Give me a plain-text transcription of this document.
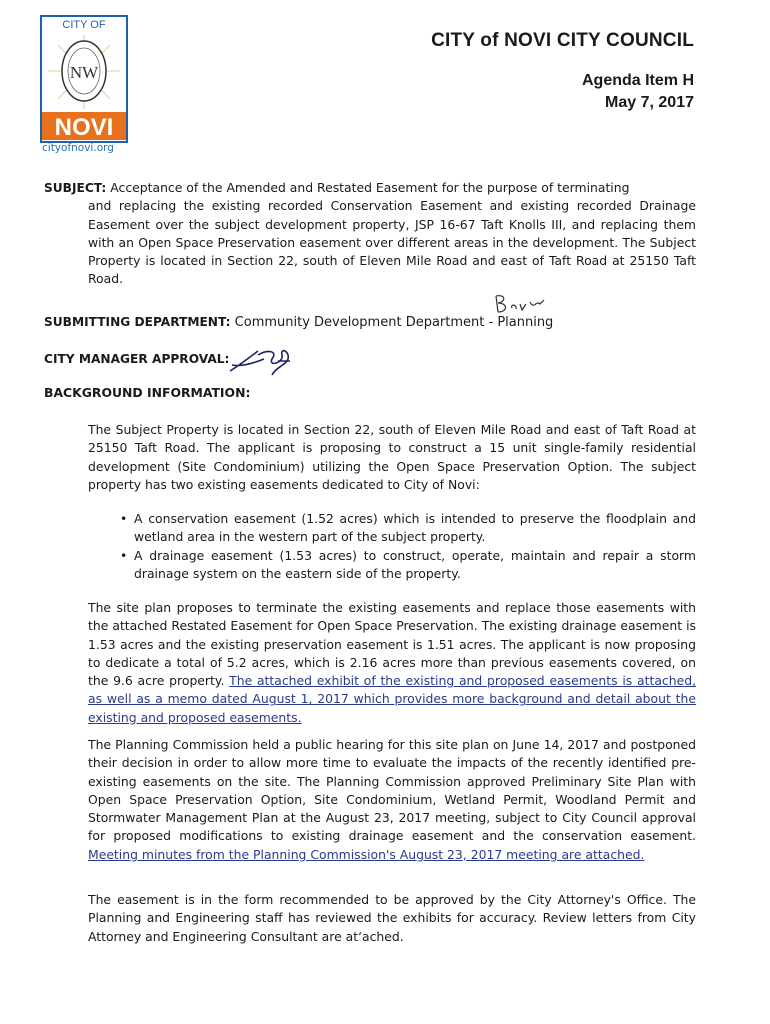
CITY OF
NW
NOVI
cityofnovi.org
CITY of NOVI CITY COUNCIL
Agenda Item H
May 7, 2017
SUBJECT: Acceptance of the Amended and Restated Easement for the purpose of terminating
and replacing the existing recorded Conservation Easement and existing recorded Drainage Easement over the subject development property, JSP 16-67 Taft Knolls III, and replacing them with an Open Space Preservation easement over different areas in the development. The Subject Property is located in Section 22, south of Eleven Mile Road and east of Taft Road at 25150 Taft Road.
Barb
SUBMITTING DEPARTMENT: Community Development Department - Planning
CITY MANAGER APPROVAL:
BACKGROUND INFORMATION:
The Subject Property is located in Section 22, south of Eleven Mile Road and east of Taft Road at 25150 Taft Road. The applicant is proposing to construct a 15 unit single-family residential development (Site Condominium) utilizing the Open Space Preservation Option. The subject property has two existing easements dedicated to City of Novi:
• A conservation easement (1.52 acres) which is intended to preserve the floodplain and wetland area in the western part of the subject property.
• A drainage easement (1.53 acres) to construct, operate, maintain and repair a storm drainage system on the eastern side of the property.
The site plan proposes to terminate the existing easements and replace those easements with the attached Restated Easement for Open Space Preservation. The existing drainage easement is 1.53 acres and the existing preservation easement is 1.51 acres. The applicant is now proposing to dedicate a total of 5.2 acres, which is 2.16 acres more than previous easements covered, on the 9.6 acre property. The attached exhibit of the existing and proposed easements is attached, as well as a memo dated August 1, 2017 which provides more background and detail about the existing and proposed easements.
The Planning Commission held a public hearing for this site plan on June 14, 2017 and postponed their decision in order to allow more time to evaluate the impacts of the recently identified pre-existing easements on the site. The Planning Commission approved Preliminary Site Plan with Open Space Preservation Option, Site Condominium, Wetland Permit, Woodland Permit and Stormwater Management Plan at the August 23, 2017 meeting, subject to City Council approval for proposed modifications to existing drainage easement and the conservation easement. Meeting minutes from the Planning Commission's August 23, 2017 meeting are attached.
The easement is in the form recommended to be approved by the City Attorney's Office. The Planning and Engineering staff has reviewed the exhibits for accuracy. Review letters from City Attorney and Engineering Consultant are at‘ached.
